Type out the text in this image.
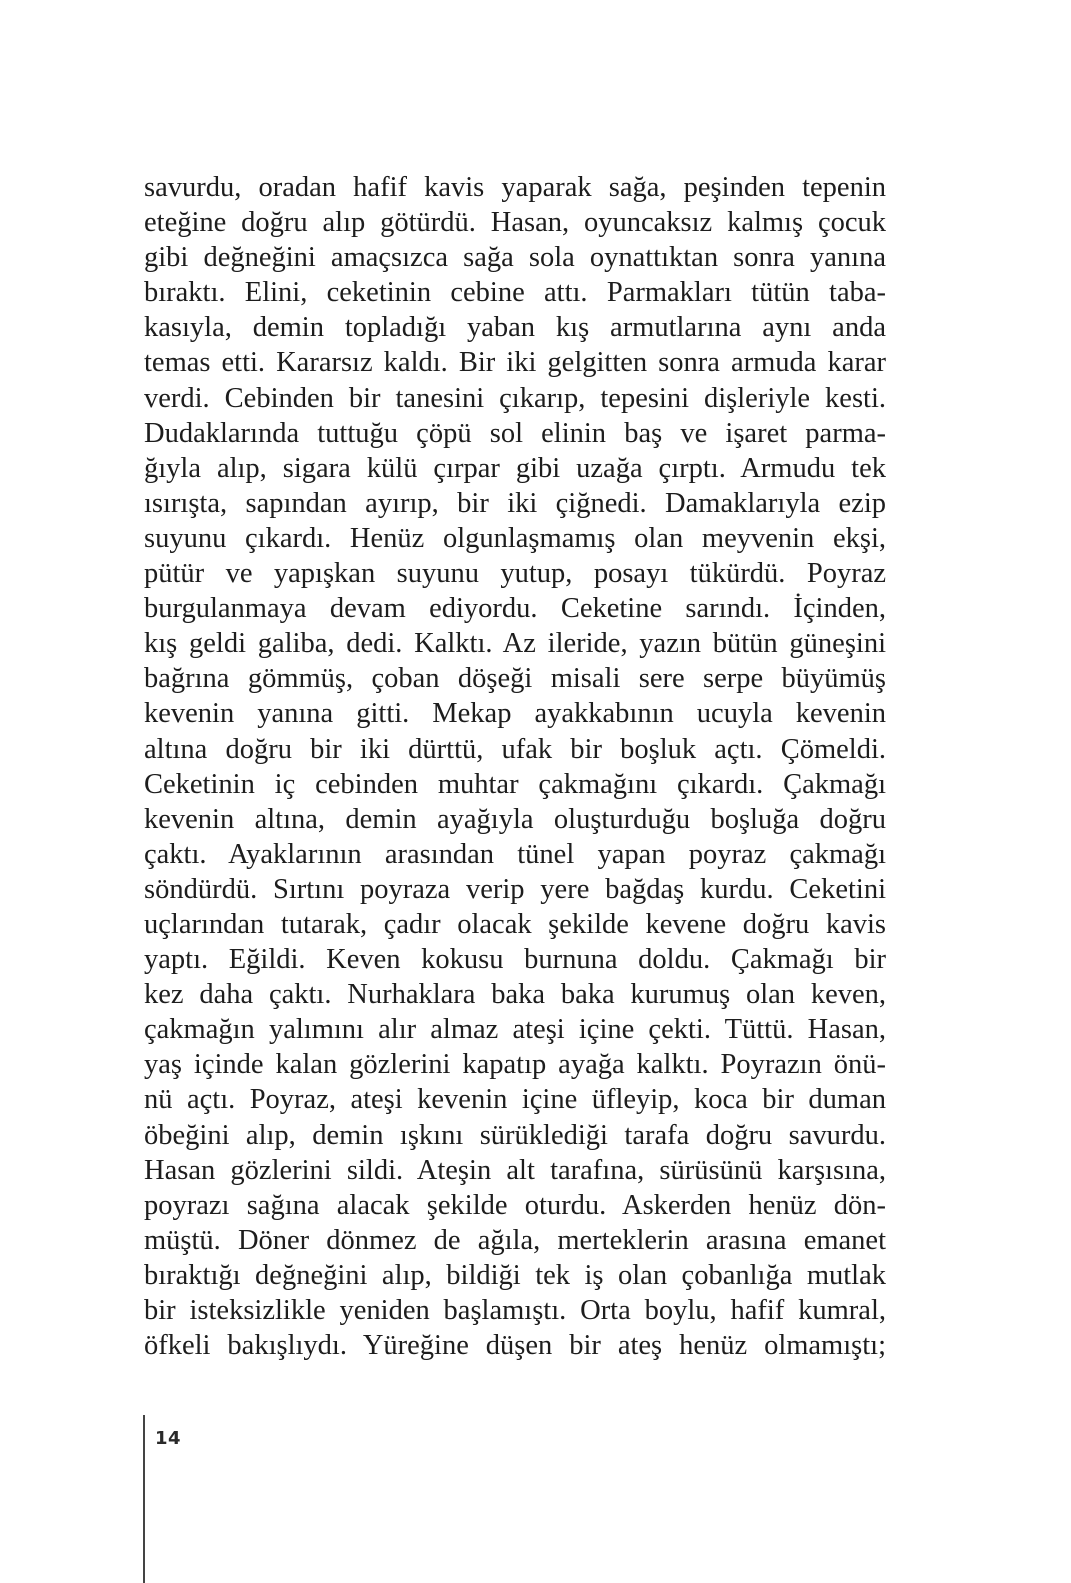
savurdu, oradan hafif kavis yaparak sağa, peşinden tepenin
eteğine doğru alıp götürdü. Hasan, oyuncaksız kalmış çocuk
gibi değneğini amaçsızca sağa sola oynattıktan sonra yanına
bıraktı. Elini, ceketinin cebine attı. Parmakları tütün taba-
kasıyla, demin topladığı yaban kış armutlarına aynı anda
temas etti. Kararsız kaldı. Bir iki gelgitten sonra armuda karar
verdi. Cebinden bir tanesini çıkarıp, tepesini dişleriyle kesti.
Dudaklarında tuttuğu çöpü sol elinin baş ve işaret parma-
ğıyla alıp, sigara külü çırpar gibi uzağa çırptı. Armudu tek
ısırışta, sapından ayırıp, bir iki çiğnedi. Damaklarıyla ezip
suyunu çıkardı. Henüz olgunlaşmamış olan meyvenin ekşi,
pütür ve yapışkan suyunu yutup, posayı tükürdü. Poyraz
burgulanmaya devam ediyordu. Ceketine sarındı. İçinden,
kış geldi galiba, dedi. Kalktı. Az ileride, yazın bütün güneşini
bağrına gömmüş, çoban döşeği misali sere serpe büyümüş
kevenin yanına gitti. Mekap ayakkabının ucuyla kevenin
altına doğru bir iki dürttü, ufak bir boşluk açtı. Çömeldi.
Ceketinin iç cebinden muhtar çakmağını çıkardı. Çakmağı
kevenin altına, demin ayağıyla oluşturduğu boşluğa doğru
çaktı. Ayaklarının arasından tünel yapan poyraz çakmağı
söndürdü. Sırtını poyraza verip yere bağdaş kurdu. Ceketini
uçlarından tutarak, çadır olacak şekilde kevene doğru kavis
yaptı. Eğildi. Keven kokusu burnuna doldu. Çakmağı bir
kez daha çaktı. Nurhaklara baka baka kurumuş olan keven,
çakmağın yalımını alır almaz ateşi içine çekti. Tüttü. Hasan,
yaş içinde kalan gözlerini kapatıp ayağa kalktı. Poyrazın önü-
nü açtı. Poyraz, ateşi kevenin içine üfleyip, koca bir duman
öbeğini alıp, demin ışkını sürüklediği tarafa doğru savurdu.
Hasan gözlerini sildi. Ateşin alt tarafına, sürüsünü karşısına,
poyrazı sağına alacak şekilde oturdu. Askerden henüz dön-
müştü. Döner dönmez de ağıla, merteklerin arasına emanet
bıraktığı değneğini alıp, bildiği tek iş olan çobanlığa mutlak
bir isteksizlikle yeniden başlamıştı. Orta boylu, hafif kumral,
öfkeli bakışlıydı. Yüreğine düşen bir ateş henüz olmamıştı;
14
